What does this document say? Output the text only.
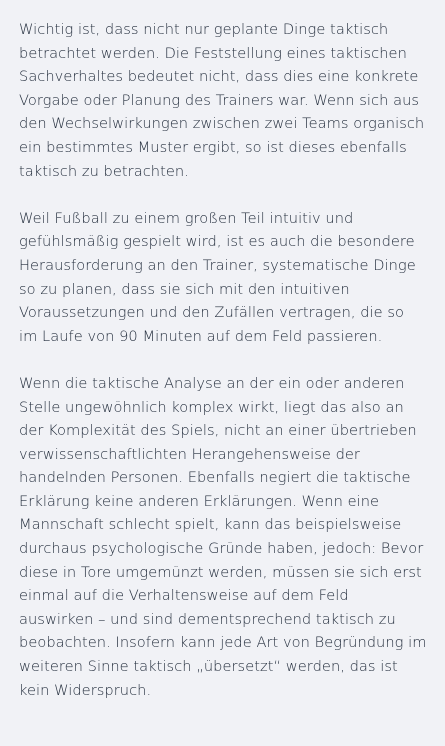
Wichtig ist, dass nicht nur geplante Dinge taktisch betrachtet werden. Die Feststellung eines taktischen Sachverhaltes bedeutet nicht, dass dies eine konkrete Vorgabe oder Planung des Trainers war. Wenn sich aus den Wechselwirkungen zwischen zwei Teams organisch ein bestimmtes Muster ergibt, so ist dieses ebenfalls taktisch zu betrachten.

Weil Fußball zu einem großen Teil intuitiv und gefühlsmäßig gespielt wird, ist es auch die besondere Herausforderung an den Trainer, systematische Dinge so zu planen, dass sie sich mit den intuitiven Voraussetzungen und den Zufällen vertragen, die so im Laufe von 90 Minuten auf dem Feld passieren.

Wenn die taktische Analyse an der ein oder anderen Stelle ungewöhnlich komplex wirkt, liegt das also an der Komplexität des Spiels, nicht an einer übertrieben verwissenschaftlichten Herangehensweise der handelnden Personen. Ebenfalls negiert die taktische Erklärung keine anderen Erklärungen. Wenn eine Mannschaft schlecht spielt, kann das beispielsweise durchaus psychologische Gründe haben, jedoch: Bevor diese in Tore umgemünzt werden, müssen sie sich erst einmal auf die Verhaltensweise auf dem Feld auswirken – und sind dementsprechend taktisch zu beobachten. Insofern kann jede Art von Begründung im weiteren Sinne taktisch „übersetzt“ werden, das ist kein Widerspruch.
